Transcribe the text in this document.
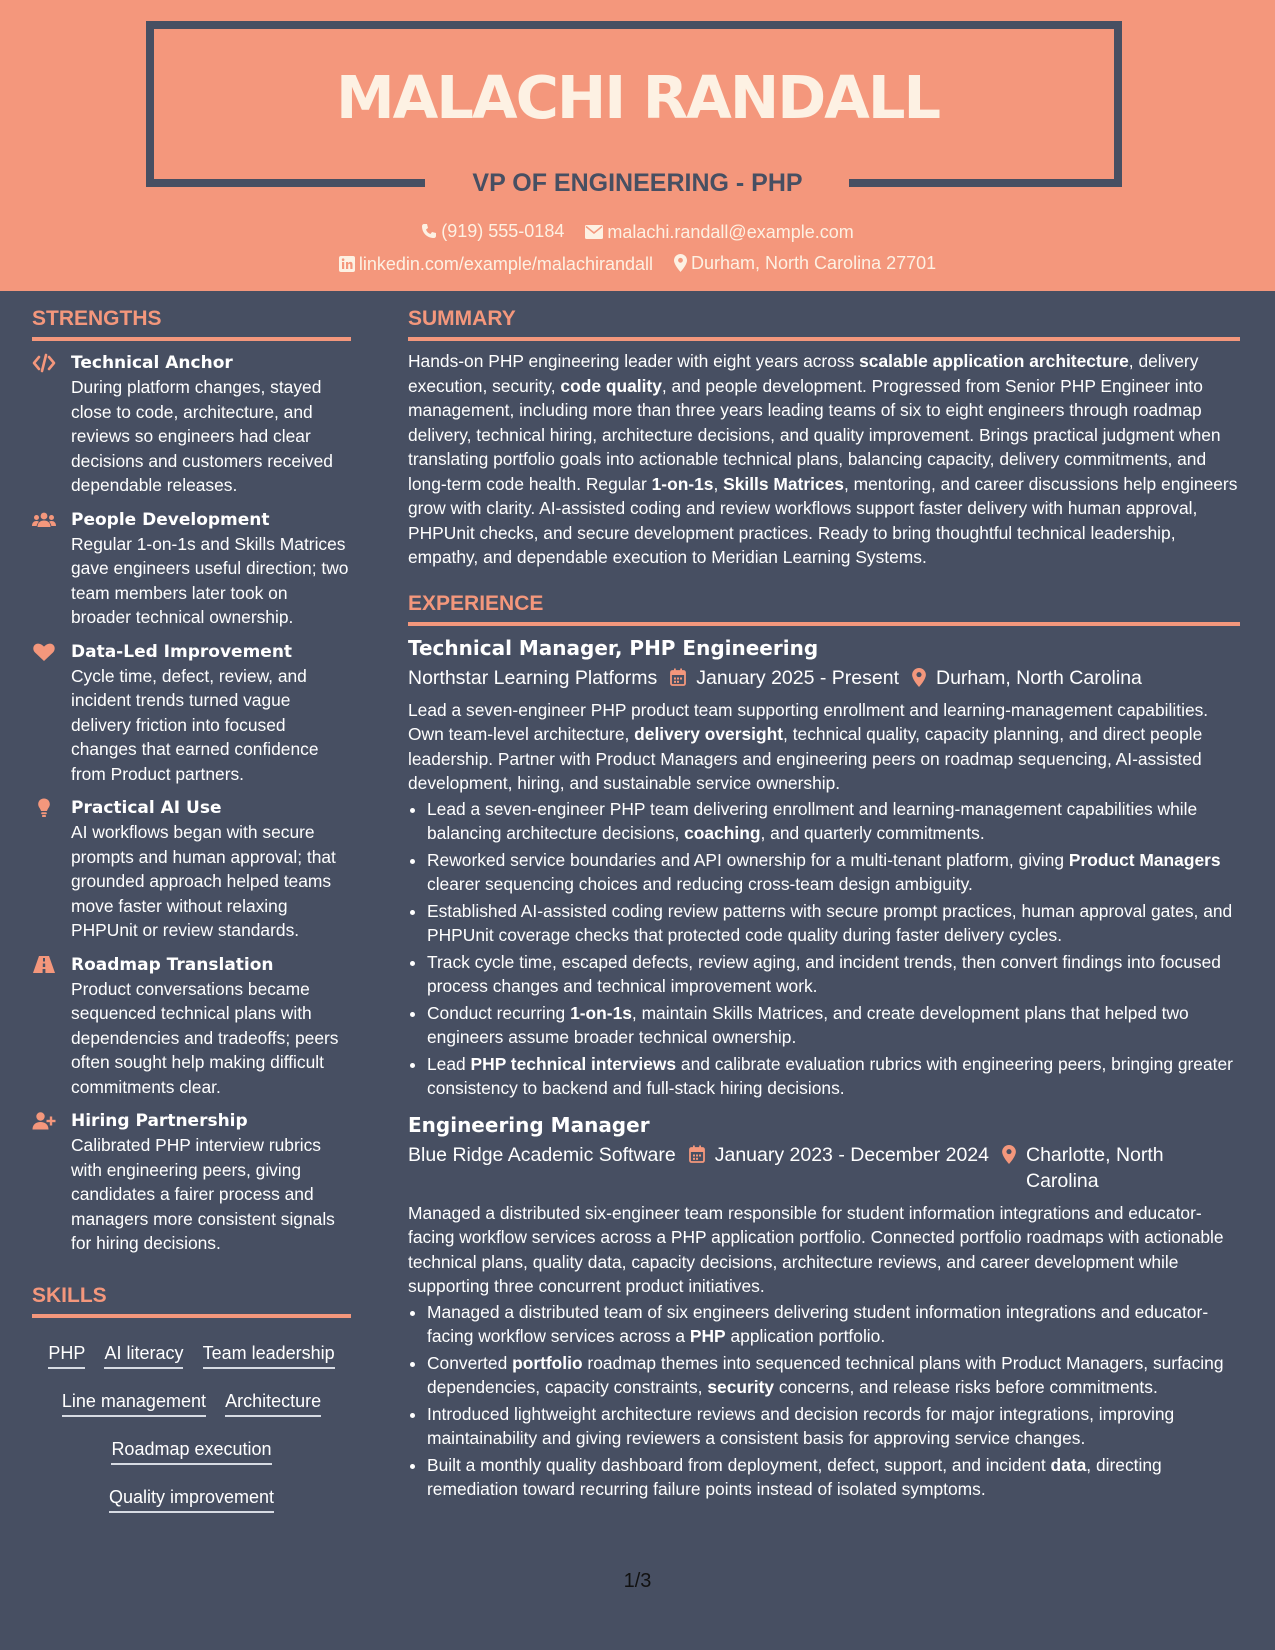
MALACHI RANDALL
VP OF ENGINEERING - PHP
(919) 555-0184
malachi.randall@example.com
linkedin.com/example/malachirandall
Durham, North Carolina 27701
STRENGTHS
Technical Anchor
During platform changes, stayed close to code, architecture, and reviews so engineers had clear decisions and customers received dependable releases.
People Development
Regular 1-on-1s and Skills Matrices gave engineers useful direction; two team members later took on broader technical ownership.
Data-Led Improvement
Cycle time, defect, review, and incident trends turned vague delivery friction into focused changes that earned confidence from Product partners.
Practical AI Use
AI workflows began with secure prompts and human approval; that grounded approach helped teams move faster without relaxing PHPUnit or review standards.
Roadmap Translation
Product conversations became sequenced technical plans with dependencies and tradeoffs; peers often sought help making difficult commitments clear.
Hiring Partnership
Calibrated PHP interview rubrics with engineering peers, giving candidates a fairer process and managers more consistent signals for hiring decisions.
SKILLS
PHP AI literacy Team leadership
Line management Architecture
Roadmap execution
Quality improvement
SUMMARY
Hands-on PHP engineering leader with eight years across scalable application architecture, delivery execution, security, code quality, and people development. Progressed from Senior PHP Engineer into management, including more than three years leading teams of six to eight engineers through roadmap delivery, technical hiring, architecture decisions, and quality improvement. Brings practical judgment when translating portfolio goals into actionable technical plans, balancing capacity, delivery commitments, and long-term code health. Regular 1-on-1s, Skills Matrices, mentoring, and career discussions help engineers grow with clarity. AI-assisted coding and review workflows support faster delivery with human approval, PHPUnit checks, and secure development practices. Ready to bring thoughtful technical leadership, empathy, and dependable execution to Meridian Learning Systems.
EXPERIENCE
Technical Manager, PHP Engineering
Northstar Learning Platforms January 2025 - Present Durham, North Carolina
Lead a seven-engineer PHP product team supporting enrollment and learning-management capabilities. Own team-level architecture, delivery oversight, technical quality, capacity planning, and direct people leadership. Partner with Product Managers and engineering peers on roadmap sequencing, AI-assisted development, hiring, and sustainable service ownership.
• Lead a seven-engineer PHP team delivering enrollment and learning-management capabilities while balancing architecture decisions, coaching, and quarterly commitments.
• Reworked service boundaries and API ownership for a multi-tenant platform, giving Product Managers clearer sequencing choices and reducing cross-team design ambiguity.
• Established AI-assisted coding review patterns with secure prompt practices, human approval gates, and PHPUnit coverage checks that protected code quality during faster delivery cycles.
• Track cycle time, escaped defects, review aging, and incident trends, then convert findings into focused process changes and technical improvement work.
• Conduct recurring 1-on-1s, maintain Skills Matrices, and create development plans that helped two engineers assume broader technical ownership.
• Lead PHP technical interviews and calibrate evaluation rubrics with engineering peers, bringing greater consistency to backend and full-stack hiring decisions.
Engineering Manager
Blue Ridge Academic Software January 2023 - December 2024 Charlotte, North Carolina
Managed a distributed six-engineer team responsible for student information integrations and educator-facing workflow services across a PHP application portfolio. Connected portfolio roadmaps with actionable technical plans, quality data, capacity decisions, architecture reviews, and career development while supporting three concurrent product initiatives.
• Managed a distributed team of six engineers delivering student information integrations and educator-facing workflow services across a PHP application portfolio.
• Converted portfolio roadmap themes into sequenced technical plans with Product Managers, surfacing dependencies, capacity constraints, security concerns, and release risks before commitments.
• Introduced lightweight architecture reviews and decision records for major integrations, improving maintainability and giving reviewers a consistent basis for approving service changes.
• Built a monthly quality dashboard from deployment, defect, support, and incident data, directing remediation toward recurring failure points instead of isolated symptoms.
1/3
